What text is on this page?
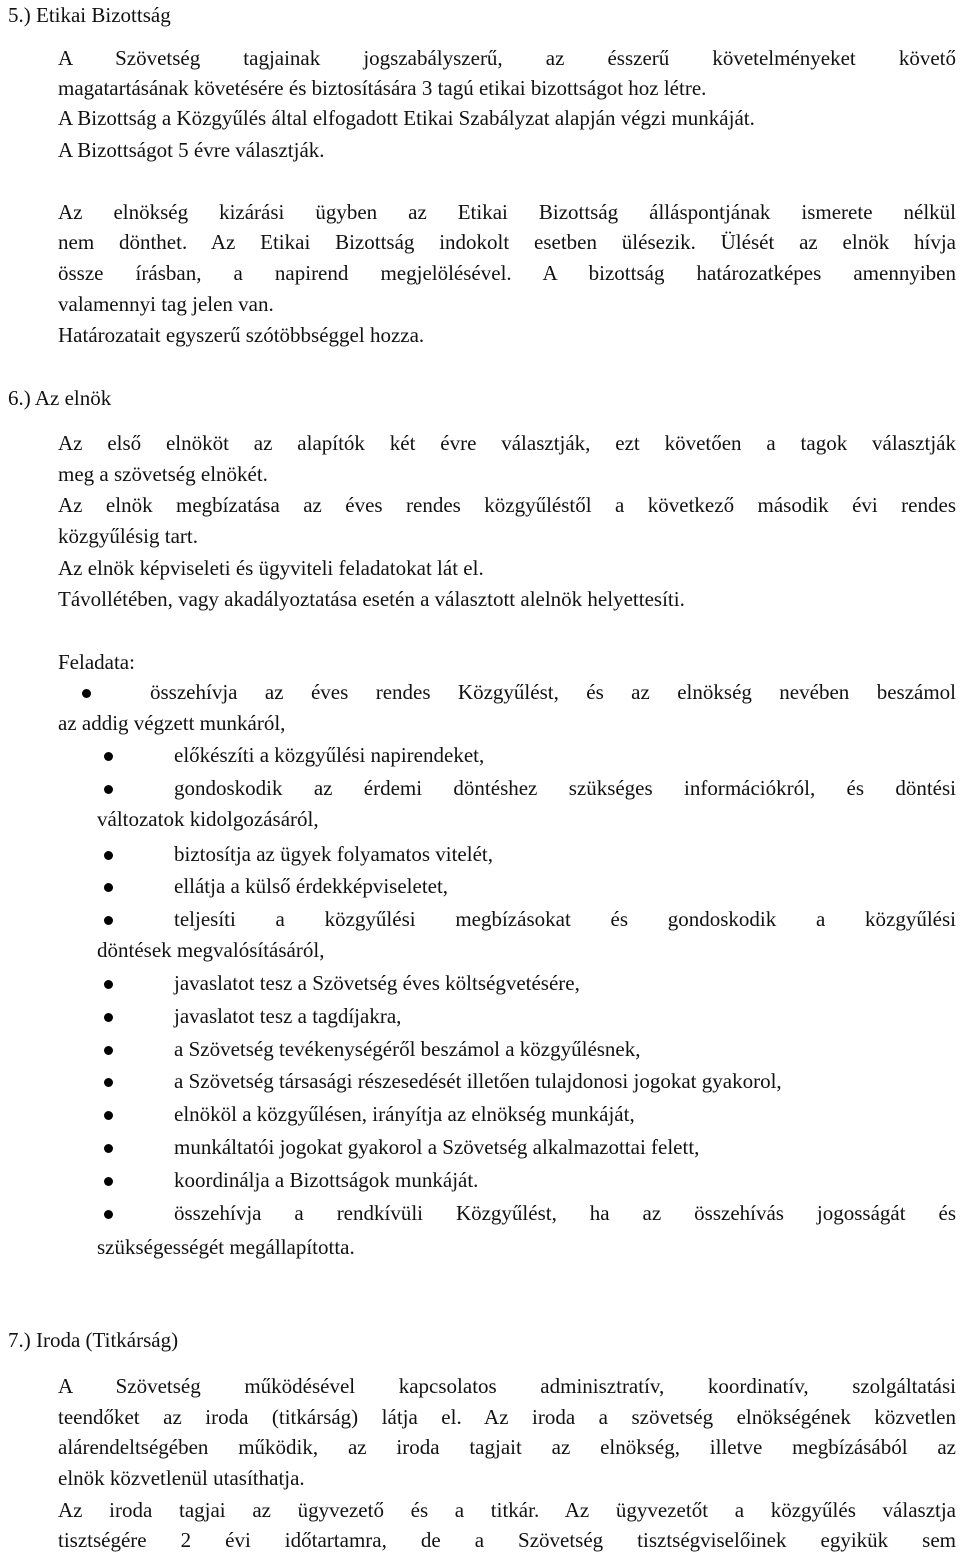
5.) Etikai Bizottság
A Szövetség tagjainak jogszabályszerű, az ésszerű követelményeket követő
magatartásának követésére és biztosítására 3 tagú etikai bizottságot hoz létre.
A Bizottság a Közgyűlés által elfogadott Etikai Szabályzat alapján végzi munkáját.
A Bizottságot 5 évre választják.
Az elnökség kizárási ügyben az Etikai Bizottság álláspontjának ismerete nélkül
nem dönthet. Az Etikai Bizottság indokolt esetben ülésezik. Ülését az elnök hívja
össze írásban, a napirend megjelölésével. A bizottság határozatképes amennyiben
valamennyi tag jelen van.
Határozatait egyszerű szótöbbséggel hozza.
6.) Az elnök
Az első elnököt az alapítók két évre választják, ezt követően a tagok választják
meg a szövetség elnökét.
Az elnök megbízatása az éves rendes közgyűléstől a következő második évi rendes
közgyűlésig tart.
Az elnök képviseleti és ügyviteli feladatokat lát el.
Távollétében, vagy akadályoztatása esetén a választott alelnök helyettesíti.
Feladata:
összehívja az éves rendes Közgyűlést, és az elnökség nevében beszámol
az addig végzett munkáról,
előkészíti a közgyűlési napirendeket,
gondoskodik az érdemi döntéshez szükséges információkról, és döntési
változatok kidolgozásáról,
biztosítja az ügyek folyamatos vitelét,
ellátja a külső érdekképviseletet,
teljesíti a közgyűlési megbízásokat és gondoskodik a közgyűlési
döntések megvalósításáról,
javaslatot tesz a Szövetség éves költségvetésére,
javaslatot tesz a tagdíjakra,
a Szövetség tevékenységéről beszámol a közgyűlésnek,
a Szövetség társasági részesedését illetően tulajdonosi jogokat gyakorol,
elnököl a közgyűlésen, irányítja az elnökség munkáját,
munkáltatói jogokat gyakorol a Szövetség alkalmazottai felett,
koordinálja a Bizottságok munkáját.
összehívja a rendkívüli Közgyűlést, ha az összehívás jogosságát és
szükségességét megállapította.
7.) Iroda (Titkárság)
A Szövetség működésével kapcsolatos adminisztratív, koordinatív, szolgáltatási
teendőket az iroda (titkárság) látja el. Az iroda a szövetség elnökségének közvetlen
alárendeltségében működik, az iroda tagjait az elnökség, illetve megbízásából az
elnök közvetlenül utasíthatja.
Az iroda tagjai az ügyvezető és a titkár. Az ügyvezetőt a közgyűlés választja
tisztségére 2 évi időtartamra, de a Szövetség tisztségviselőinek egyikük sem
